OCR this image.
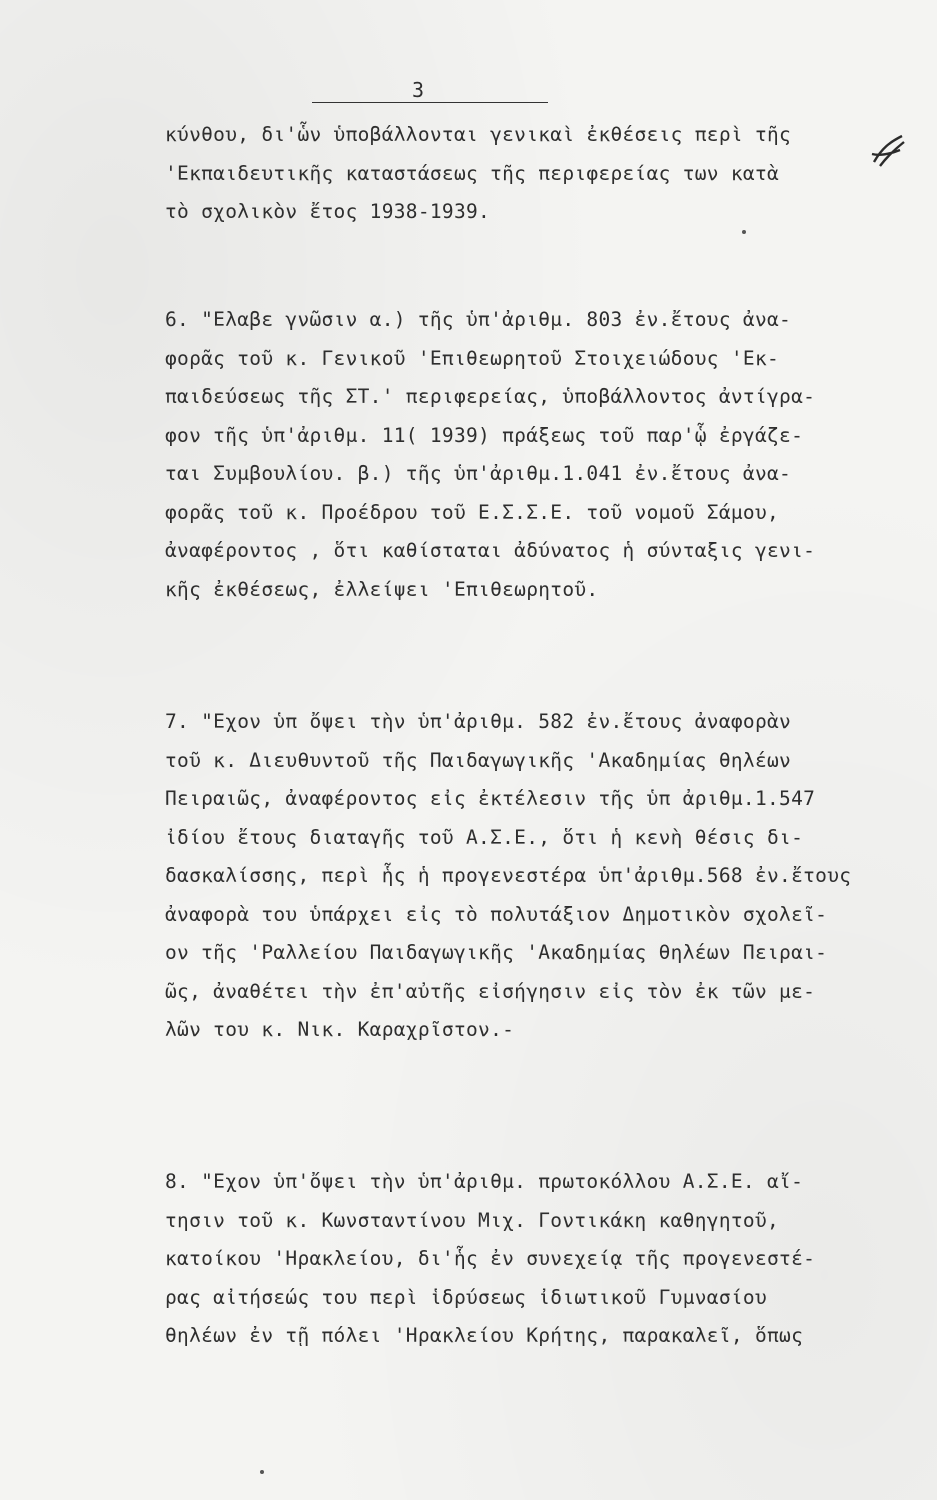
3
κύνθου, δι'ὧν ὑποβάλλονται γενικαὶ ἐκθέσεις περὶ τῆς
'Εκπαιδευτικῆς καταστάσεως τῆς περιφερείας των κατὰ
τὸ σχολικὸν ἔτος 1938-1939.
6. "Ελαβε γνῶσιν α.) τῆς ὑπ'ἀριθμ. 803 ἐν.ἔτους ἀνα-
φορᾶς τοῦ κ. Γενικοῦ 'Επιθεωρητοῦ Στοιχειώδους 'Εκ-
παιδεύσεως τῆς ΣΤ.' περιφερείας, ὑποβάλλοντος ἀντίγρα-
φον τῆς ὑπ'ἀριθμ. 11( 1939) πράξεως τοῦ παρ'ᾧ ἐργάζε-
ται Συμβουλίου. β.) τῆς ὑπ'ἀριθμ.1.041 ἐν.ἔτους ἀνα-
φορᾶς τοῦ κ. Προέδρου τοῦ Ε.Σ.Σ.Ε. τοῦ νομοῦ Σάμου,
ἀναφέροντος , ὅτι καθίσταται ἀδύνατος ἡ σύνταξις γενι-
κῆς ἐκθέσεως, ἐλλείψει 'Επιθεωρητοῦ.
7. "Εχον ὑπ ὄψει τὴν ὑπ'ἀριθμ. 582 ἐν.ἔτους ἀναφορὰν
τοῦ κ. Διευθυντοῦ τῆς Παιδαγωγικῆς 'Ακαδημίας θηλέων
Πειραιῶς, ἀναφέροντος εἰς ἐκτέλεσιν τῆς ὑπ ἀριθμ.1.547
ἰδίου ἔτους διαταγῆς τοῦ Α.Σ.Ε., ὅτι ἡ κενὴ θέσις δι-
δασκαλίσσης, περὶ ἧς ἡ προγενεστέρα ὑπ'ἀριθμ.568 ἐν.ἔτους
ἀναφορὰ του ὑπάρχει εἰς τὸ πολυτάξιον Δημοτικὸν σχολεῖ-
ον τῆς 'Ραλλείου Παιδαγωγικῆς 'Ακαδημίας θηλέων Πειραι-
ῶς, ἀναθέτει τὴν ἐπ'αὐτῆς εἰσήγησιν εἰς τὸν ἐκ τῶν με-
λῶν του κ. Νικ. Καραχρῖστον.-
8. "Εχον ὑπ'ὄψει τὴν ὑπ'ἀριθμ. πρωτοκόλλου Α.Σ.Ε. αἴ-
τησιν τοῦ κ. Κωνσταντίνου Μιχ. Γοντικάκη καθηγητοῦ,
κατοίκου 'Ηρακλείου, δι'ἧς ἐν συνεχείᾳ τῆς προγενεστέ-
ρας αἰτήσεώς του περὶ ἱδρύσεως ἰδιωτικοῦ Γυμνασίου
θηλέων ἐν τῇ πόλει 'Ηρακλείου Κρήτης, παρακαλεῖ, ὅπως
